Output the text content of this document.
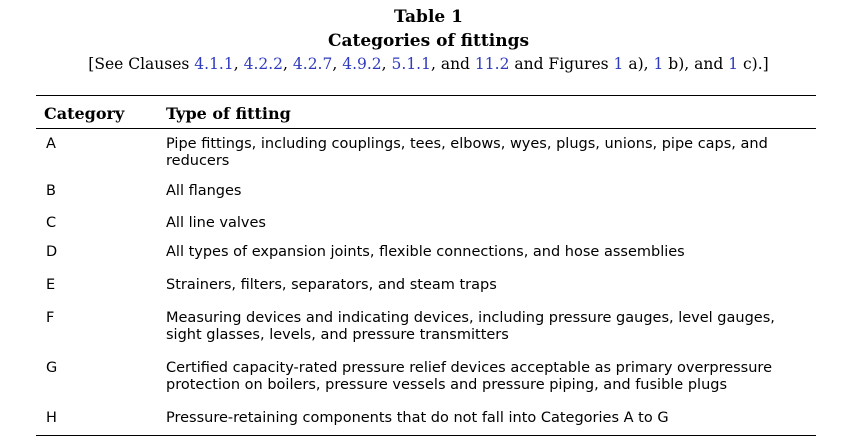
Table 1
Categories of fittings
[See Clauses 4.1.1, 4.2.2, 4.2.7, 4.9.2, 5.1.1, and 11.2 and Figures 1 a), 1 b), and 1 c).]
Category	Type of fitting
A	Pipe fittings, including couplings, tees, elbows, wyes, plugs, unions, pipe caps, and
reducers
B	All flanges
C	All line valves
D	All types of expansion joints, flexible connections, and hose assemblies
E	Strainers, filters, separators, and steam traps
F	Measuring devices and indicating devices, including pressure gauges, level gauges,
sight glasses, levels, and pressure transmitters
G	Certified capacity-rated pressure relief devices acceptable as primary overpressure
protection on boilers, pressure vessels and pressure piping, and fusible plugs
H	Pressure-retaining components that do not fall into Categories A to G
